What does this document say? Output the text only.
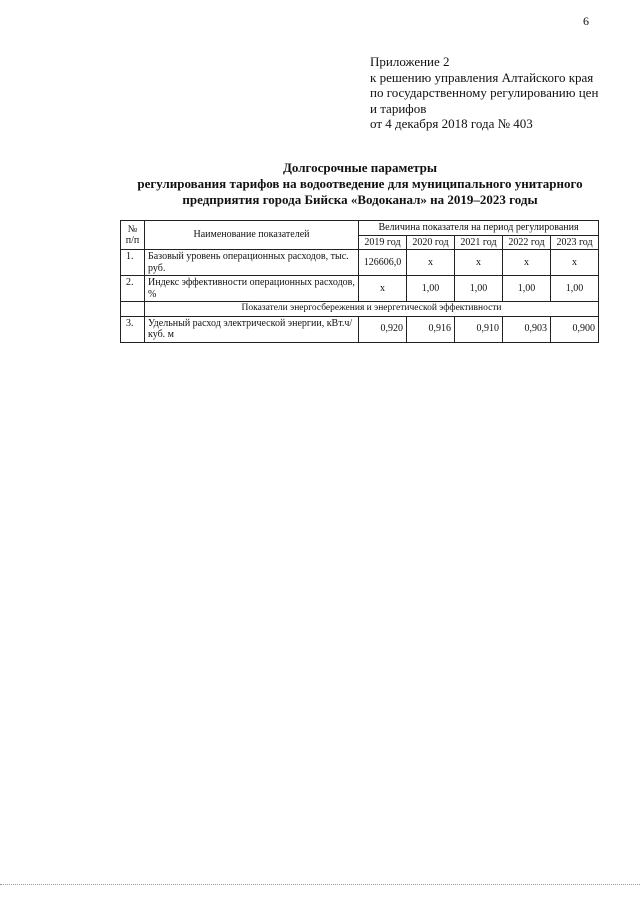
6
Приложение 2
к решению управления Алтайского края
по государственному регулированию цен
и тарифов
от 4 декабря 2018 года № 403
Долгосрочные параметры
регулирования тарифов на водоотведение для муниципального унитарного
предприятия города Бийска «Водоканал» на 2019–2023 годы
№ п/п	Наименование показателей	Величина показателя на период регулирования				
		2019 год	2020 год	2021 год	2022 год	2023 год
1.	Базовый уровень операционных расходов, тыс. руб.	126606,0	x	x	x	x
2.	Индекс эффективности операционных расходов, %	x	1,00	1,00	1,00	1,00
	Показатели энергосбережения и энергетической эффективности					
3.	Удельный расход электрической энергии, кВт.ч/куб. м	0,920	0,916	0,910	0,903	0,900
